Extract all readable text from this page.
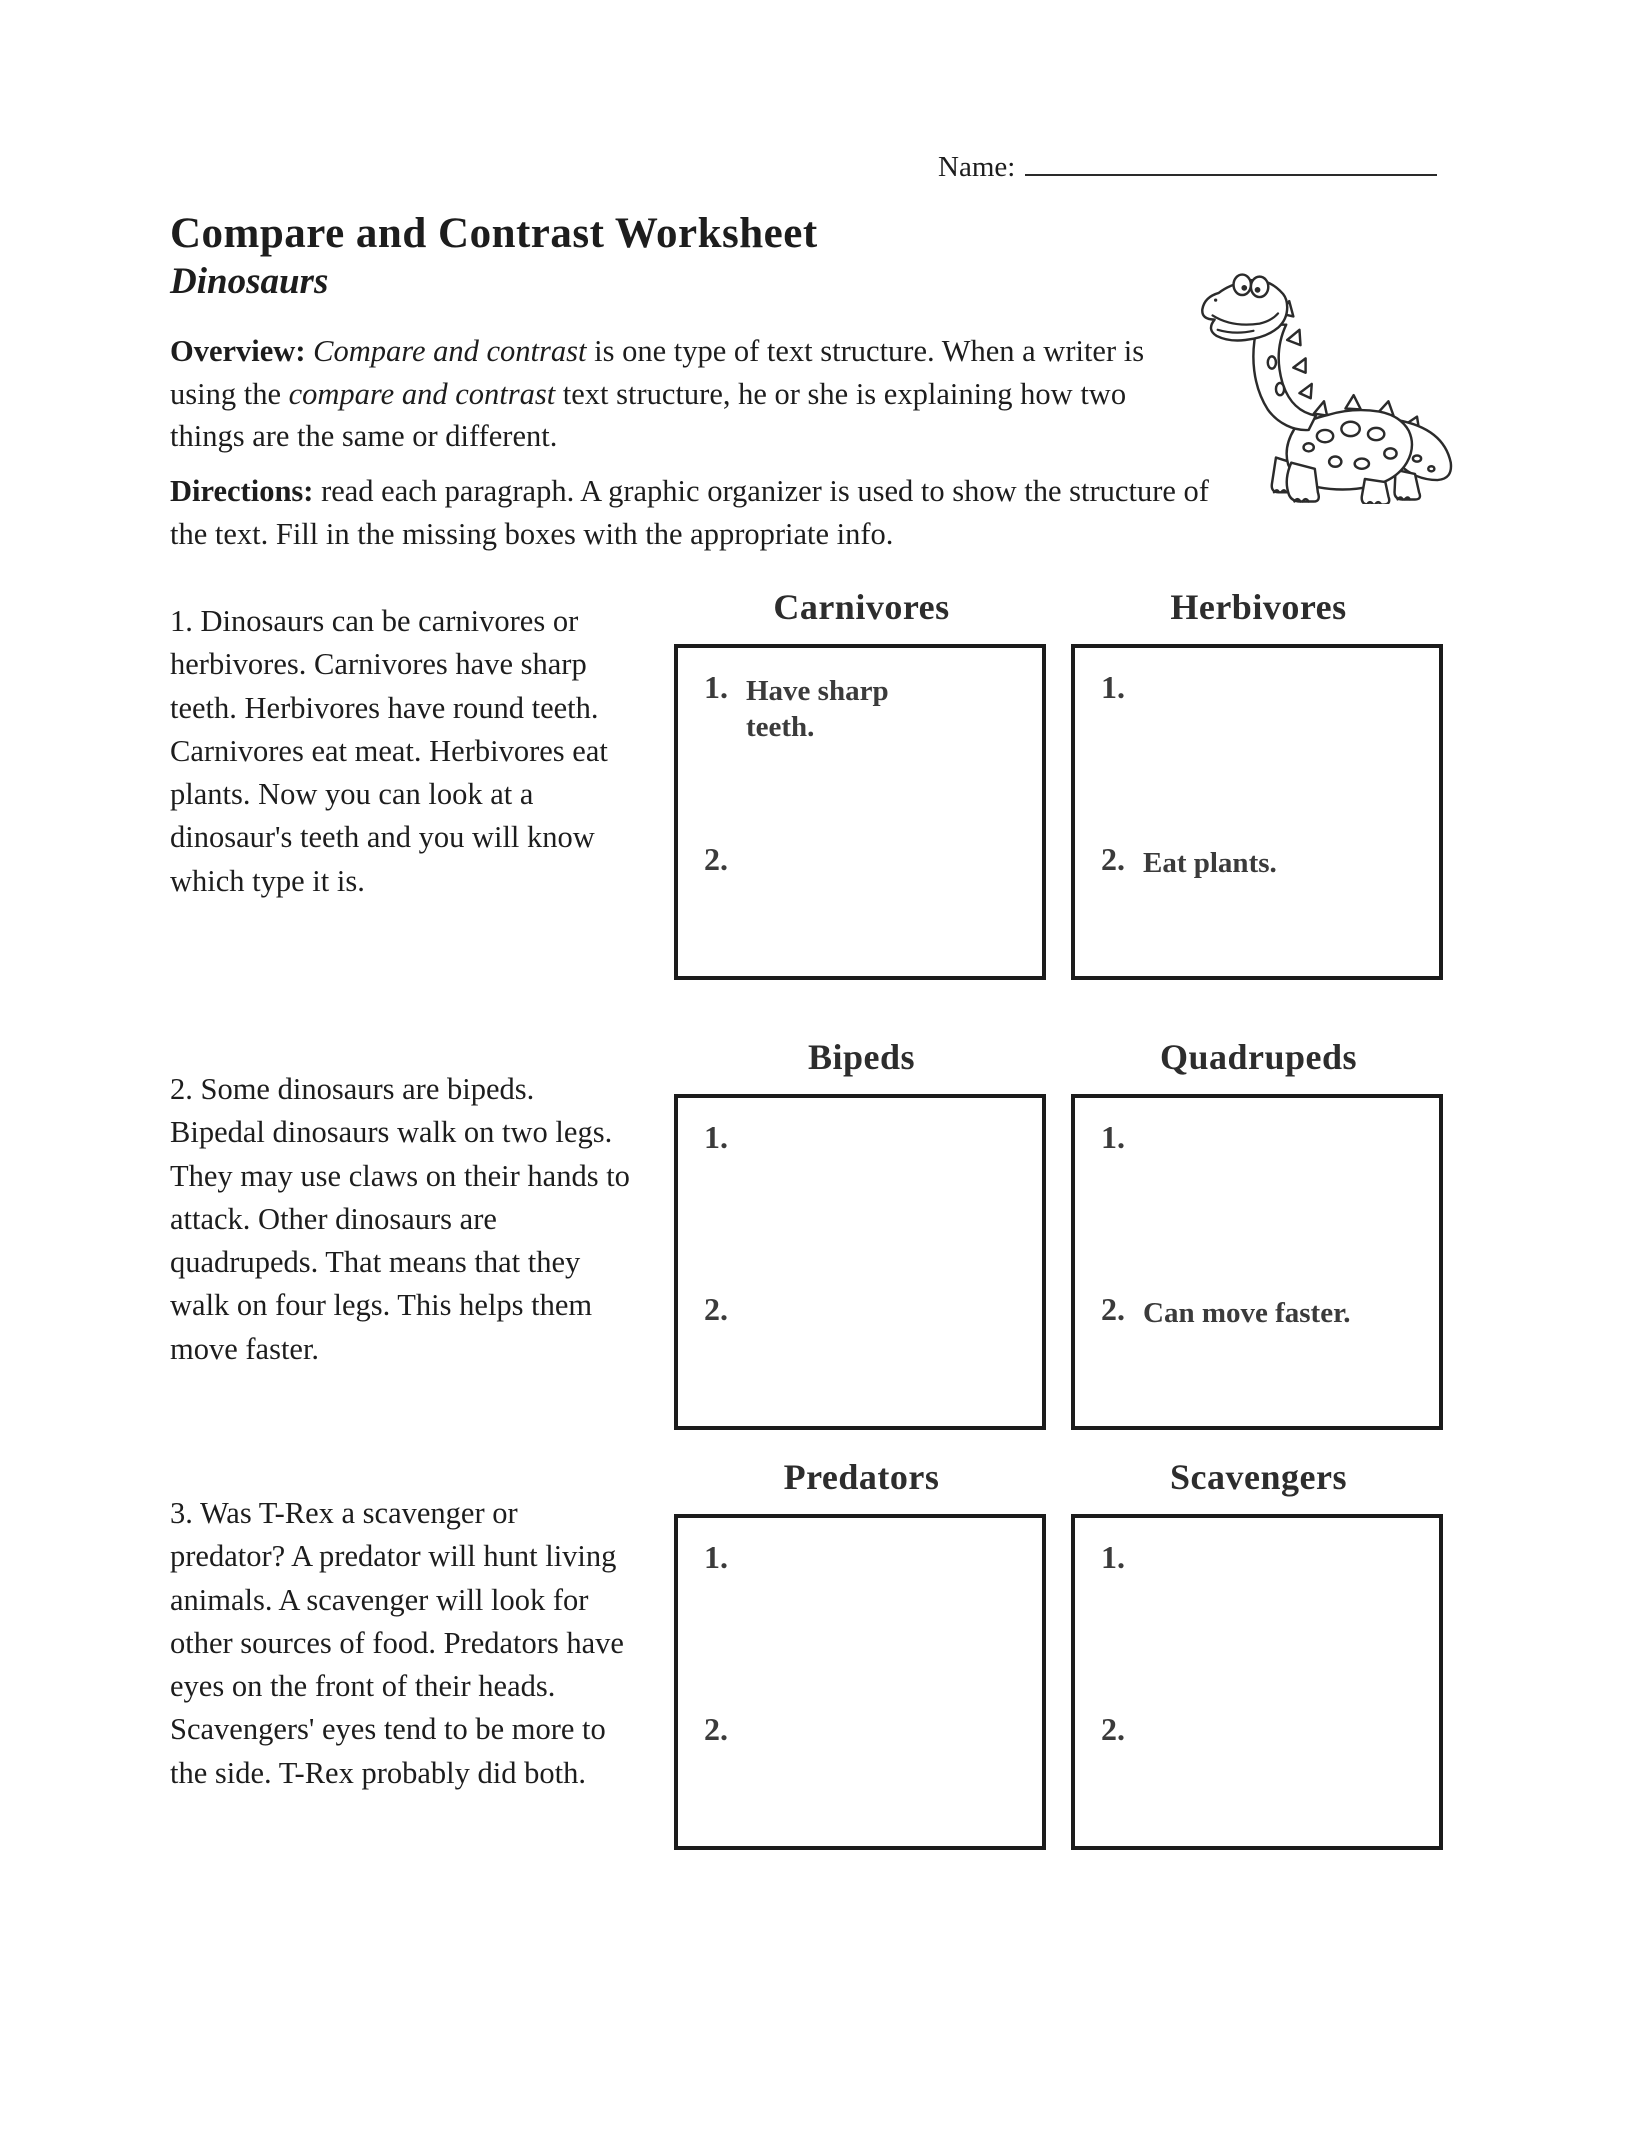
Name:
Compare and Contrast Worksheet
Dinosaurs
Overview: Compare and contrast is one type of text structure. When a writer is using the compare and contrast text structure, he or she is explaining how two things are the same or different.
Directions: read each paragraph. A graphic organizer is used to show the structure of the text. Fill in the missing boxes with the appropriate info.
1. Dinosaurs can be carnivores or herbivores. Carnivores have sharp teeth. Herbivores have round teeth. Carnivores eat meat. Herbivores eat plants. Now you can look at a dinosaur's teeth and you will know which type it is.
Carnivores
1. Have sharp teeth.
2.
Herbivores
1.
2. Eat plants.
2. Some dinosaurs are bipeds. Bipedal dinosaurs walk on two legs. They may use claws on their hands to attack. Other dinosaurs are quadrupeds. That means that they walk on four legs. This helps them move faster.
Bipeds
1.
2.
Quadrupeds
1.
2. Can move faster.
3. Was T-Rex a scavenger or predator? A predator will hunt living animals. A scavenger will look for other sources of food. Predators have eyes on the front of their heads. Scavengers' eyes tend to be more to the side. T-Rex probably did both.
Predators
1.
2.
Scavengers
1.
2.
